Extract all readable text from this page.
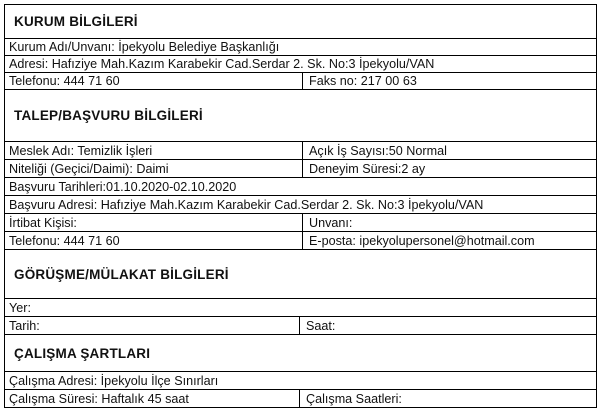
KURUM BİLGİLERİ
Kurum Adı/Unvanı: İpekyolu Belediye Başkanlığı
Adresi: Hafıziye Mah.Kazım Karabekir Cad.Serdar 2. Sk. No:3 İpekyolu/VAN
Telefonu: 444 71 60	Faks no: 217 00 63
TALEP/BAŞVURU BİLGİLERİ
Meslek Adı: Temizlik İşleri	Açık İş Sayısı:50 Normal
Niteliği (Geçici/Daimi): Daimi	Deneyim Süresi:2 ay
Başvuru Tarihleri:01.10.2020-02.10.2020
Başvuru Adresi: Hafıziye Mah.Kazım Karabekir Cad.Serdar 2. Sk. No:3 İpekyolu/VAN
İrtibat Kişisi:	Unvanı:
Telefonu: 444 71 60	E-posta: ipekyolupersonel@hotmail.com
GÖRÜŞME/MÜLAKAT BİLGİLERİ
Yer:
Tarih:	Saat:
ÇALIŞMA ŞARTLARI
Çalışma Adresi: İpekyolu İlçe Sınırları
Çalışma Süresi: Haftalık 45 saat	Çalışma Saatleri:
